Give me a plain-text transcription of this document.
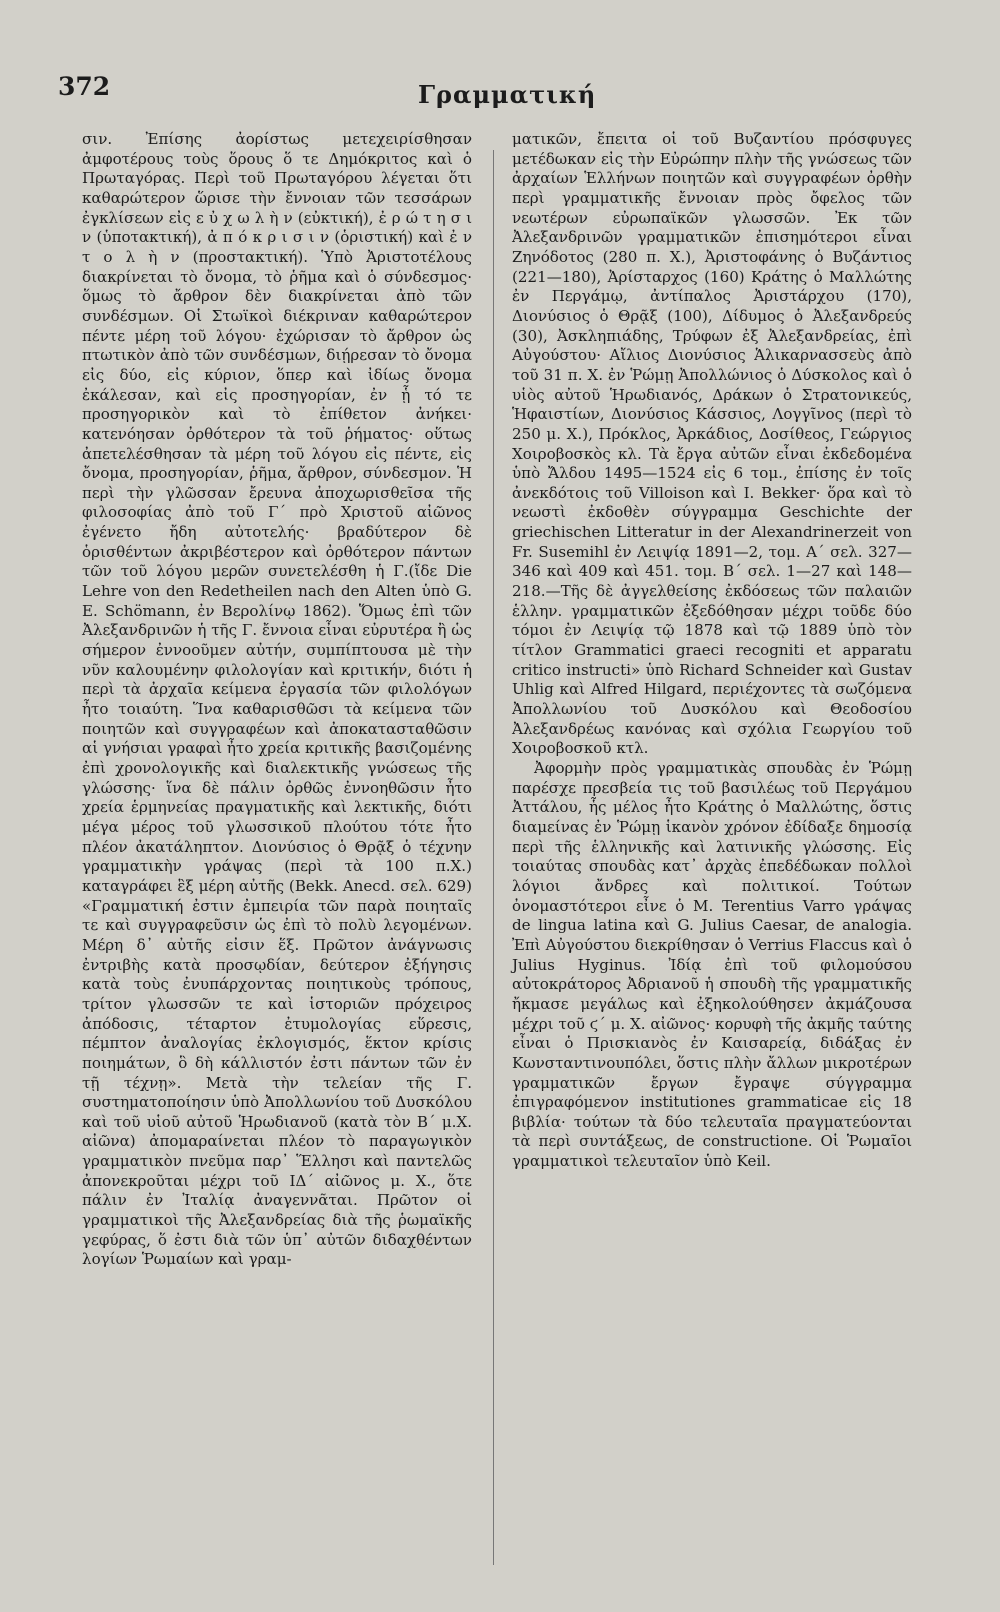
372	Γραμματική

σιν. Ἐπίσης ἀορίστως μετεχειρίσθησαν ἀμφοτέρους τοὺς ὅρους ὅ τε Δημόκριτος καὶ ὁ Πρωταγόρας. Περὶ τοῦ Πρωταγόρου λέγεται ὅτι καθαρώτερον ὥρισε τὴν ἔννοιαν τῶν τεσσάρων ἐγκλίσεων εἰς ε ὐ χ ω λ ὴ ν (εὐκτική), ἐ ρ ώ τ η σ ι ν (ὑποτακτική), ἀ π ό κ ρ ι σ ι ν (ὁριστική) καὶ ἐ ν τ ο λ ὴ ν (προστακτική). Ὑπὸ Ἀριστοτέλους διακρίνεται τὸ ὄνομα, τὸ ῥῆμα καὶ ὁ σύνδεσμος· ὅμως τὸ ἄρθρον δὲν διακρίνεται ἀπὸ τῶν συνδέσμων. Οἱ Στωϊκοὶ διέκριναν καθαρώτερον πέντε μέρη τοῦ λόγου· ἐχώρισαν τὸ ἄρθρον ὡς πτωτικὸν ἀπὸ τῶν συνδέσμων, διῄρεσαν τὸ ὄνομα εἰς δύο, εἰς κύριον, ὅπερ καὶ ἰδίως ὄνομα ἐκάλεσαν, καὶ εἰς προσηγορίαν, ἐν ᾗ τό τε προσηγορικὸν καὶ τὸ ἐπίθετον ἀνήκει· κατενόησαν ὀρθότερον τὰ τοῦ ῥήματος· οὕτως ἀπετελέσθησαν τὰ μέρη τοῦ λόγου εἰς πέντε, εἰς ὄνομα, προσηγορίαν, ῥῆμα, ἄρθρον, σύνδεσμον. Ἡ περὶ τὴν γλῶσσαν ἔρευνα ἀποχωρισθεῖσα τῆς φιλοσοφίας ἀπὸ τοῦ Γ΄ πρὸ Χριστοῦ αἰῶνος ἐγένετο ἤδη αὐτοτελής· βραδύτερον δὲ ὁρισθέντων ἀκριβέστερον καὶ ὀρθότερον πάντων τῶν τοῦ λόγου μερῶν συνετελέσθη ἡ Γ.(ἴδε Die Lehre von den Redetheilen nach den Alten ὑπὸ G. E. Schömann, ἐν Βερολίνῳ 1862). Ὅμως ἐπὶ τῶν Ἀλεξανδρινῶν ἡ τῆς Γ. ἔννοια εἶναι εὐρυτέρα ἢ ὡς σήμερον ἐννοοῦμεν αὐτήν, συμπίπτουσα μὲ τὴν νῦν καλουμένην φιλολογίαν καὶ κριτικήν, διότι ἡ περὶ τὰ ἀρχαῖα κείμενα ἐργασία τῶν φιλολόγων ἦτο τοιαύτη. Ἵνα καθαρισθῶσι τὰ κείμενα τῶν ποιητῶν καὶ συγγραφέων καὶ ἀποκατασταθῶσιν αἱ γνήσιαι γραφαὶ ἦτο χρεία κριτικῆς βασιζομένης ἐπὶ χρονολογικῆς καὶ διαλεκτικῆς γνώσεως τῆς γλώσσης· ἵνα δὲ πάλιν ὀρθῶς ἐννοηθῶσιν ἦτο χρεία ἑρμηνείας πραγματικῆς καὶ λεκτικῆς, διότι μέγα μέρος τοῦ γλωσσικοῦ πλούτου τότε ἦτο πλέον ἀκατάληπτον. Διονύσιος ὁ Θρᾷξ ὁ τέχνην γραμματικὴν γράψας (περὶ τὰ 100 π.Χ.) καταγράφει ἓξ μέρη αὐτῆς (Bekk. Anecd. σελ. 629) «Γραμματική ἐστιν ἐμπειρία τῶν παρὰ ποιηταῖς τε καὶ συγγραφεῦσιν ὡς ἐπὶ τὸ πολὺ λεγομένων. Μέρη δ᾿ αὐτῆς εἰσιν ἕξ. Πρῶτον ἀνάγνωσις ἐντριβὴς κατὰ προσῳδίαν, δεύτερον ἐξήγησις κατὰ τοὺς ἐνυπάρχοντας ποιητικοὺς τρόπους, τρίτον γλωσσῶν τε καὶ ἱστοριῶν πρόχειρος ἀπόδοσις, τέταρτον ἐτυμολογίας εὕρεσις, πέμπτον ἀναλογίας ἐκλογισμός, ἕκτον κρίσις ποιημάτων, ὃ δὴ κάλλιστόν ἐστι πάντων τῶν ἐν τῇ τέχνῃ». Μετὰ τὴν τελείαν τῆς Γ. συστηματοποίησιν ὑπὸ Ἀπολλωνίου τοῦ Δυσκόλου καὶ τοῦ υἱοῦ αὐτοῦ Ἡρωδιανοῦ (κατὰ τὸν Β΄ μ.Χ. αἰῶνα) ἀπομαραίνεται πλέον τὸ παραγωγικὸν γραμματικὸν πνεῦμα παρ᾿ Ἕλλησι καὶ παντελῶς ἀπονεκροῦται μέχρι τοῦ ΙΔ΄ αἰῶνος μ. Χ., ὅτε πάλιν ἐν Ἰταλίᾳ ἀναγεννᾶται. Πρῶτον οἱ γραμματικοὶ τῆς Ἀλεξανδρείας διὰ τῆς ῥωμαϊκῆς γεφύρας, ὅ ἐστι διὰ τῶν ὑπ᾿ αὐτῶν διδαχθέντων λογίων Ῥωμαίων καὶ γραμ-

ματικῶν, ἔπειτα οἱ τοῦ Βυζαντίου πρόσφυγες μετέδωκαν εἰς τὴν Εὐρώπην πλὴν τῆς γνώσεως τῶν ἀρχαίων Ἑλλήνων ποιητῶν καὶ συγγραφέων ὀρθὴν περὶ γραμματικῆς ἔννοιαν πρὸς ὄφελος τῶν νεωτέρων εὐρωπαϊκῶν γλωσσῶν. Ἐκ τῶν Ἀλεξανδρινῶν γραμματικῶν ἐπισημότεροι εἶναι Ζηνόδοτος (280 π. Χ.), Ἀριστοφάνης ὁ Βυζάντιος (221—180), Ἀρίσταρχος (160) Κράτης ὁ Μαλλώτης ἐν Περγάμῳ, ἀντίπαλος Ἀριστάρχου (170), Διονύσιος ὁ Θρᾷξ (100), Δίδυμος ὁ Ἀλεξανδρεύς (30), Ἀσκληπιάδης, Τρύφων ἐξ Ἀλεξανδρείας, ἐπὶ Αὐγούστου· Αἴλιος Διονύσιος Ἁλικαρνασσεὺς ἀπὸ τοῦ 31 π. Χ. ἐν Ῥώμῃ Ἀπολλώνιος ὁ Δύσκολος καὶ ὁ υἱὸς αὐτοῦ Ἡρωδιανός, Δράκων ὁ Στρατονικεύς, Ἡφαιστίων, Διονύσιος Κάσσιος, Λογγῖνος (περὶ τὸ 250 μ. Χ.), Πρόκλος, Ἀρκάδιος, Δοσίθεος, Γεώργιος Χοιροβοσκὸς κλ. Τὰ ἔργα αὐτῶν εἶναι ἐκδεδομένα ὑπὸ Ἄλδου 1495—1524 εἰς 6 τομ., ἐπίσης ἐν τοῖς ἀνεκδότοις τοῦ Villoison καὶ I. Bekker· ὅρα καὶ τὸ νεωστὶ ἐκδοθὲν σύγγραμμα Geschichte der griechischen Litteratur in der Alexandrinerzeit von Fr. Susemihl ἐν Λειψίᾳ 1891—2, τομ. Α΄ σελ. 327—346 καὶ 409 καὶ 451. τομ. Β΄ σελ. 1—27 καὶ 148—218.—Τῆς δὲ ἀγγελθείσης ἐκδόσεως τῶν παλαιῶν ἑλλην. γραμματικῶν ἐξεδόθησαν μέχρι τοῦδε δύο τόμοι ἐν Λειψίᾳ τῷ 1878 καὶ τῷ 1889 ὑπὸ τὸν τίτλον Grammatici graeci recogniti et apparatu critico instructi» ὑπὸ Richard Schneider καὶ Gustav Uhlig καὶ Alfred Hilgard, περιέχοντες τὰ σωζόμενα Ἀπολλωνίου τοῦ Δυσκόλου καὶ Θεοδοσίου Ἀλεξανδρέως κανόνας καὶ σχόλια Γεωργίου τοῦ Χοιροβοσκοῦ κτλ.

Ἀφορμὴν πρὸς γραμματικὰς σπουδὰς ἐν Ῥώμῃ παρέσχε πρεσβεία τις τοῦ βασιλέως τοῦ Περγάμου Ἀττάλου, ἧς μέλος ἦτο Κράτης ὁ Μαλλώτης, ὅστις διαμείνας ἐν Ῥώμῃ ἱκανὸν χρόνον ἐδίδαξε δημοσίᾳ περὶ τῆς ἑλληνικῆς καὶ λατινικῆς γλώσσης. Εἰς τοιαύτας σπουδὰς κατ᾿ ἀρχὰς ἐπεδέδωκαν πολλοὶ λόγιοι ἄνδρες καὶ πολιτικοί. Τούτων ὀνομαστότεροι εἶνε ὁ M. Terentius Varro γράψας de lingua latina καὶ G. Julius Caesar, de analogia. Ἐπὶ Αὐγούστου διεκρίθησαν ὁ Verrius Flaccus καὶ ὁ Julius Hyginus. Ἰδίᾳ ἐπὶ τοῦ φιλομούσου αὐτοκράτορος Ἀδριανοῦ ἡ σπουδὴ τῆς γραμματικῆς ἤκμασε μεγάλως καὶ ἐξηκολούθησεν ἀκμάζουσα μέχρι τοῦ ϛ΄ μ. Χ. αἰῶνος· κορυφὴ τῆς ἀκμῆς ταύτης εἶναι ὁ Πρισκιανὸς ἐν Καισαρείᾳ, διδάξας ἐν Κωνσταντινουπόλει, ὅστις πλὴν ἄλλων μικροτέρων γραμματικῶν ἔργων ἔγραψε σύγγραμμα ἐπιγραφόμενον institutiones grammaticae εἰς 18 βιβλία· τούτων τὰ δύο τελευταῖα πραγματεύονται τὰ περὶ συντάξεως, de constructione. Οἱ Ῥωμαῖοι γραμματικοὶ τελευταῖον ὑπὸ Keil.
